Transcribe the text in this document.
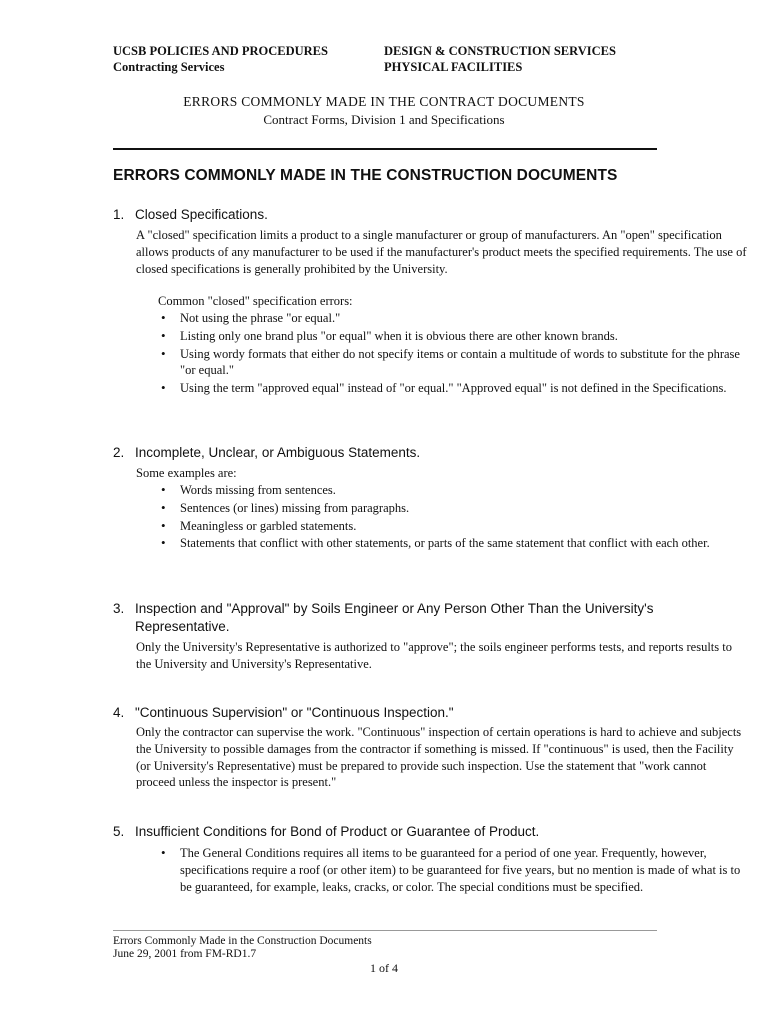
UCSB POLICIES AND PROCEDURES
Contracting Services
DESIGN & CONSTRUCTION SERVICES
PHYSICAL FACILITIES
ERRORS COMMONLY MADE IN THE CONTRACT DOCUMENTS
Contract Forms, Division 1 and Specifications
ERRORS COMMONLY MADE IN THE CONSTRUCTION DOCUMENTS
1. Closed Specifications.
A "closed" specification limits a product to a single manufacturer or group of manufacturers. An "open" specification allows products of any manufacturer to be used if the manufacturer's product meets the specified requirements. The use of closed specifications is generally prohibited by the University.
Common "closed" specification errors:
• Not using the phrase "or equal."
• Listing only one brand plus "or equal" when it is obvious there are other known brands.
• Using wordy formats that either do not specify items or contain a multitude of words to substitute for the phrase "or equal."
• Using the term "approved equal" instead of "or equal." "Approved equal" is not defined in the Specifications.
2. Incomplete, Unclear, or Ambiguous Statements.
Some examples are:
• Words missing from sentences.
• Sentences (or lines) missing from paragraphs.
• Meaningless or garbled statements.
• Statements that conflict with other statements, or parts of the same statement that conflict with each other.
3. Inspection and "Approval" by Soils Engineer or Any Person Other Than the University's Representative.
Only the University's Representative is authorized to "approve"; the soils engineer performs tests, and reports results to the University and University's Representative.
4. "Continuous Supervision" or "Continuous Inspection."
Only the contractor can supervise the work. "Continuous" inspection of certain operations is hard to achieve and subjects the University to possible damages from the contractor if something is missed. If "continuous" is used, then the Facility (or University's Representative) must be prepared to provide such inspection. Use the statement that "work cannot proceed unless the inspector is present."
5. Insufficient Conditions for Bond of Product or Guarantee of Product.
• The General Conditions requires all items to be guaranteed for a period of one year. Frequently, however, specifications require a roof (or other item) to be guaranteed for five years, but no mention is made of what is to be guaranteed, for example, leaks, cracks, or color. The special conditions must be specified.
Errors Commonly Made in the Construction Documents
June 29, 2001 from FM-RD1.7
1 of 4
